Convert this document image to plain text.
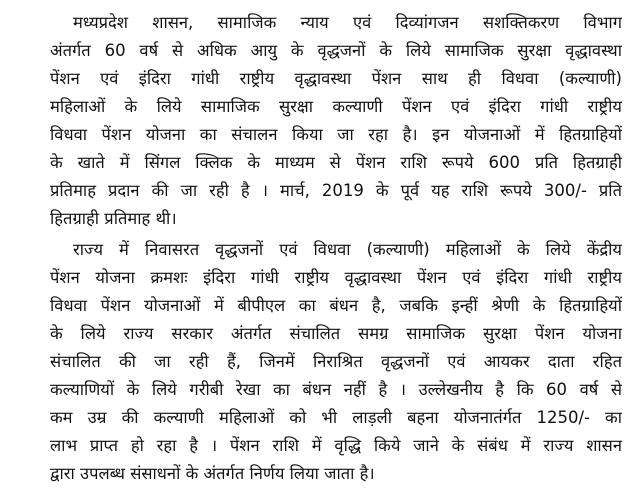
मध्यप्रदेश शासन, सामाजिक न्याय एवं दिव्यांगजन सशक्तिकरण विभाग
अंतर्गत 60 वर्ष से अधिक आयु के वृद्धजनों के लिये सामाजिक सुरक्षा वृद्धावस्था
पेंशन एवं इंदिरा गांधी राष्ट्रीय वृद्धावस्था पेंशन साथ ही विधवा (कल्याणी)
महिलाओं के लिये सामाजिक सुरक्षा कल्याणी पेंशन एवं इंदिरा गांधी राष्ट्रीय
विधवा पेंशन योजना का संचालन किया जा रहा है। इन योजनाओं में हितग्राहियों
के खाते में सिंगल क्लिक के माध्यम से पेंशन राशि रूपये 600 प्रति हितग्राही
प्रतिमाह प्रदान की जा रही है । मार्च, 2019 के पूर्व यह राशि रूपये 300/- प्रति
हितग्राही प्रतिमाह थी।
राज्य में निवासरत वृद्धजनों एवं विधवा (कल्याणी) महिलाओं के लिये केंद्रीय
पेंशन योजना क्रमशः इंदिरा गांधी राष्ट्रीय वृद्धावस्था पेंशन एवं इंदिरा गांधी राष्ट्रीय
विधवा पेंशन योजनाओं में बीपीएल का बंधन है, जबकि इन्हीं श्रेणी के हितग्राहियों
के लिये राज्य सरकार अंतर्गत संचालित समग्र सामाजिक सुरक्षा पेंशन योजना
संचालित की जा रही हैं, जिनमें निराश्रित वृद्धजनों एवं आयकर दाता रहित
कल्याणियों के लिये गरीबी रेखा का बंधन नहीं है । उल्लेखनीय है कि 60 वर्ष से
कम उम्र की कल्याणी महिलाओं को भी लाड़ली बहना योजनातंर्गत 1250/- का
लाभ प्राप्त हो रहा है । पेंशन राशि में वृद्धि किये जाने के संबंध में राज्य शासन
द्वारा उपलब्ध संसाधनों के अंतर्गत निर्णय लिया जाता है।
